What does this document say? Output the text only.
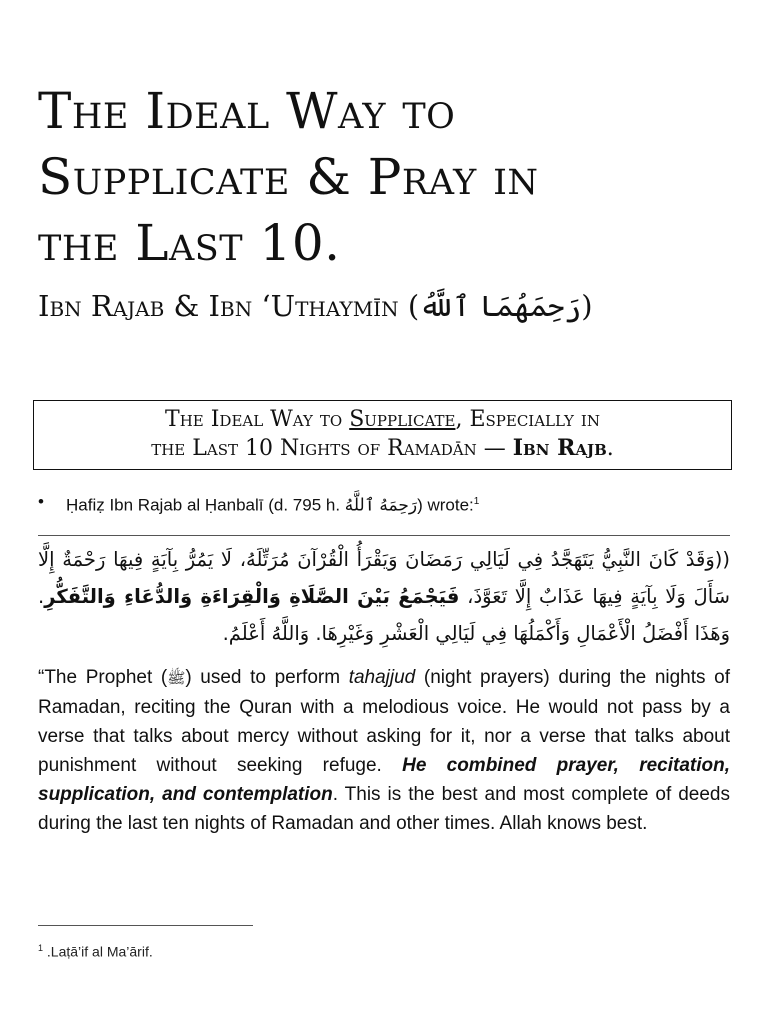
The Ideal Way to
Supplicate & Pray in
the Last 10.
Ibn Rajab & Ibn ‘Uthaymīn (رَحِمَهُمَا ٱللَّهُ)
The Ideal Way to Supplicate, Especially in
the Last 10 Nights of Ramadān — Ibn Rajb.
• Ḥafiẓ Ibn Rajab al Ḥanbalī (d. 795 h. رَحِمَهُ ٱللَّهُ) wrote:$^1$
((وَقَدْ كَانَ النَّبِيُّ يَتَهَجَّدُ فِي لَيَالِي رَمَضَانَ وَيَقْرَأُ الْقُرْآنَ مُرَتِّلَهُ، لَا يَمُرُّ بِآيَةٍ فِيهَا رَحْمَةٌ إِلَّا سَأَلَ وَلَا بِآيَةٍ فِيهَا عَذَابٌ إِلَّا تَعَوَّذَ، فَيَجْمَعُ بَيْنَ الصَّلَاةِ وَالْقِرَاءَةِ وَالدُّعَاءِ وَالتَّفَكُّرِ. وَهَذَا أَفْضَلُ الْأَعْمَالِ وَأَكْمَلُهَا فِي لَيَالِي الْعَشْرِ وَغَيْرِهَا. وَاللَّهُ أَعْلَمُ.
“The Prophet (ﷺ) used to perform tahajjud (night prayers) during the nights of Ramadan, reciting the Quran with a melodious voice. He would not pass by a verse that talks about mercy without asking for it, nor a verse that talks about punishment without seeking refuge. He combined prayer, recitation, supplication, and contemplation. This is the best and most complete of deeds during the last ten nights of Ramadan and other times. Allah knows best.
$^1$ .Laṭā’if al Ma’ārif.
